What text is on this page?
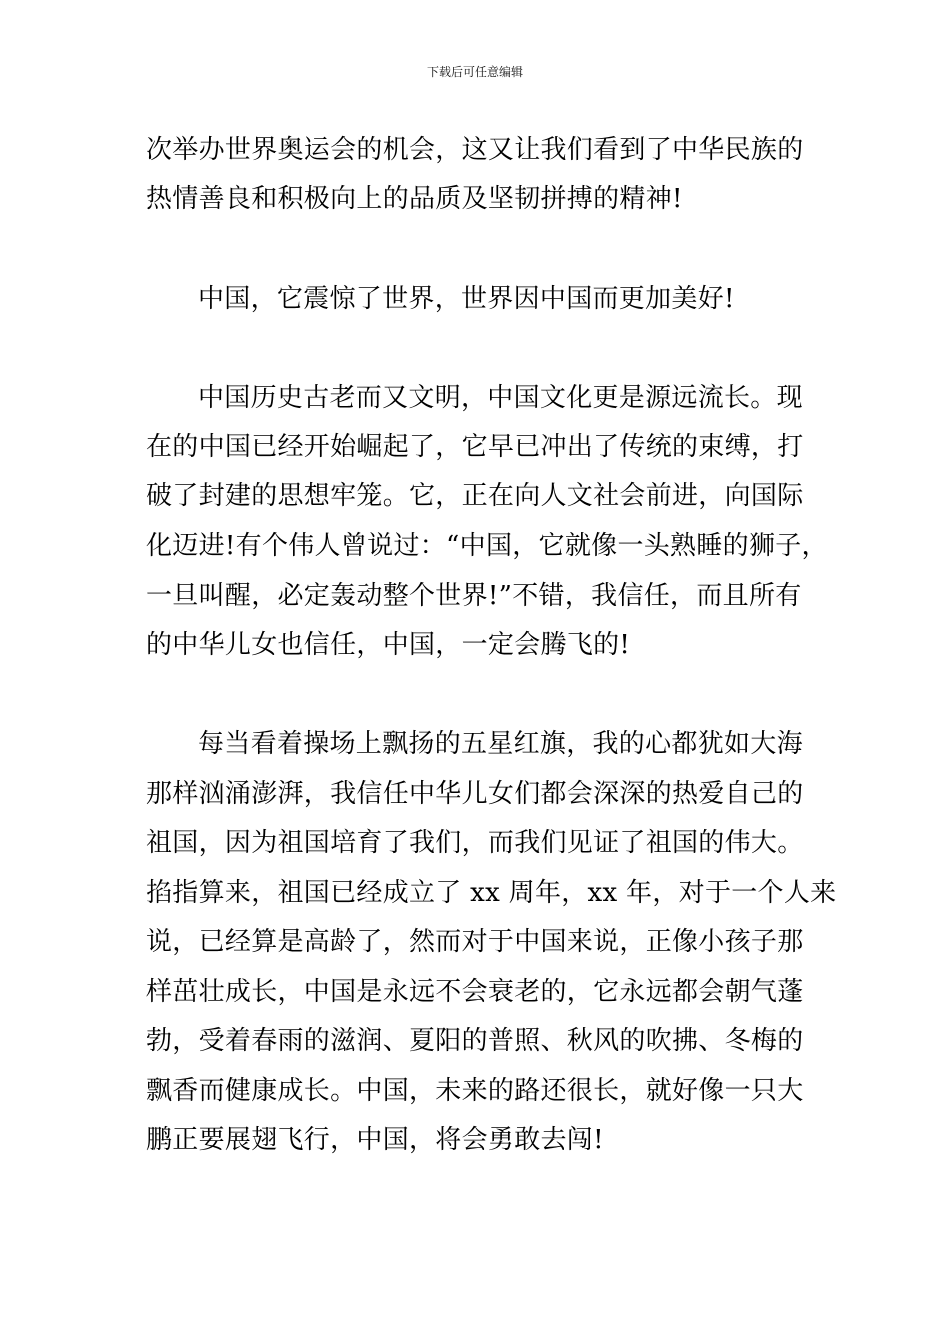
下载后可任意编辑

次举办世界奥运会的机会，这又让我们看到了中华民族的

热情善良和积极向上的品质及坚韧拼搏的精神!

中国，它震惊了世界，世界因中国而更加美好!

中国历史古老而又文明，中国文化更是源远流长。现

在的中国已经开始崛起了，它早已冲出了传统的束缚，打

破了封建的思想牢笼。它，正在向人文社会前进，向国际

化迈进!有个伟人曾说过：“中国，它就像一头熟睡的狮子，

一旦叫醒，必定轰动整个世界!”不错，我信任，而且所有

的中华儿女也信任，中国，一定会腾飞的!

每当看着操场上飘扬的五星红旗，我的心都犹如大海

那样汹涌澎湃，我信任中华儿女们都会深深的热爱自己的

祖国，因为祖国培育了我们，而我们见证了祖国的伟大。

掐指算来，祖国已经成立了 xx 周年，xx 年，对于一个人来

说，已经算是高龄了，然而对于中国来说，正像小孩子那

样茁壮成长，中国是永远不会衰老的，它永远都会朝气蓬

勃，受着春雨的滋润、夏阳的普照、秋风的吹拂、冬梅的

飘香而健康成长。中国，未来的路还很长，就好像一只大

鹏正要展翅飞行，中国，将会勇敢去闯!
